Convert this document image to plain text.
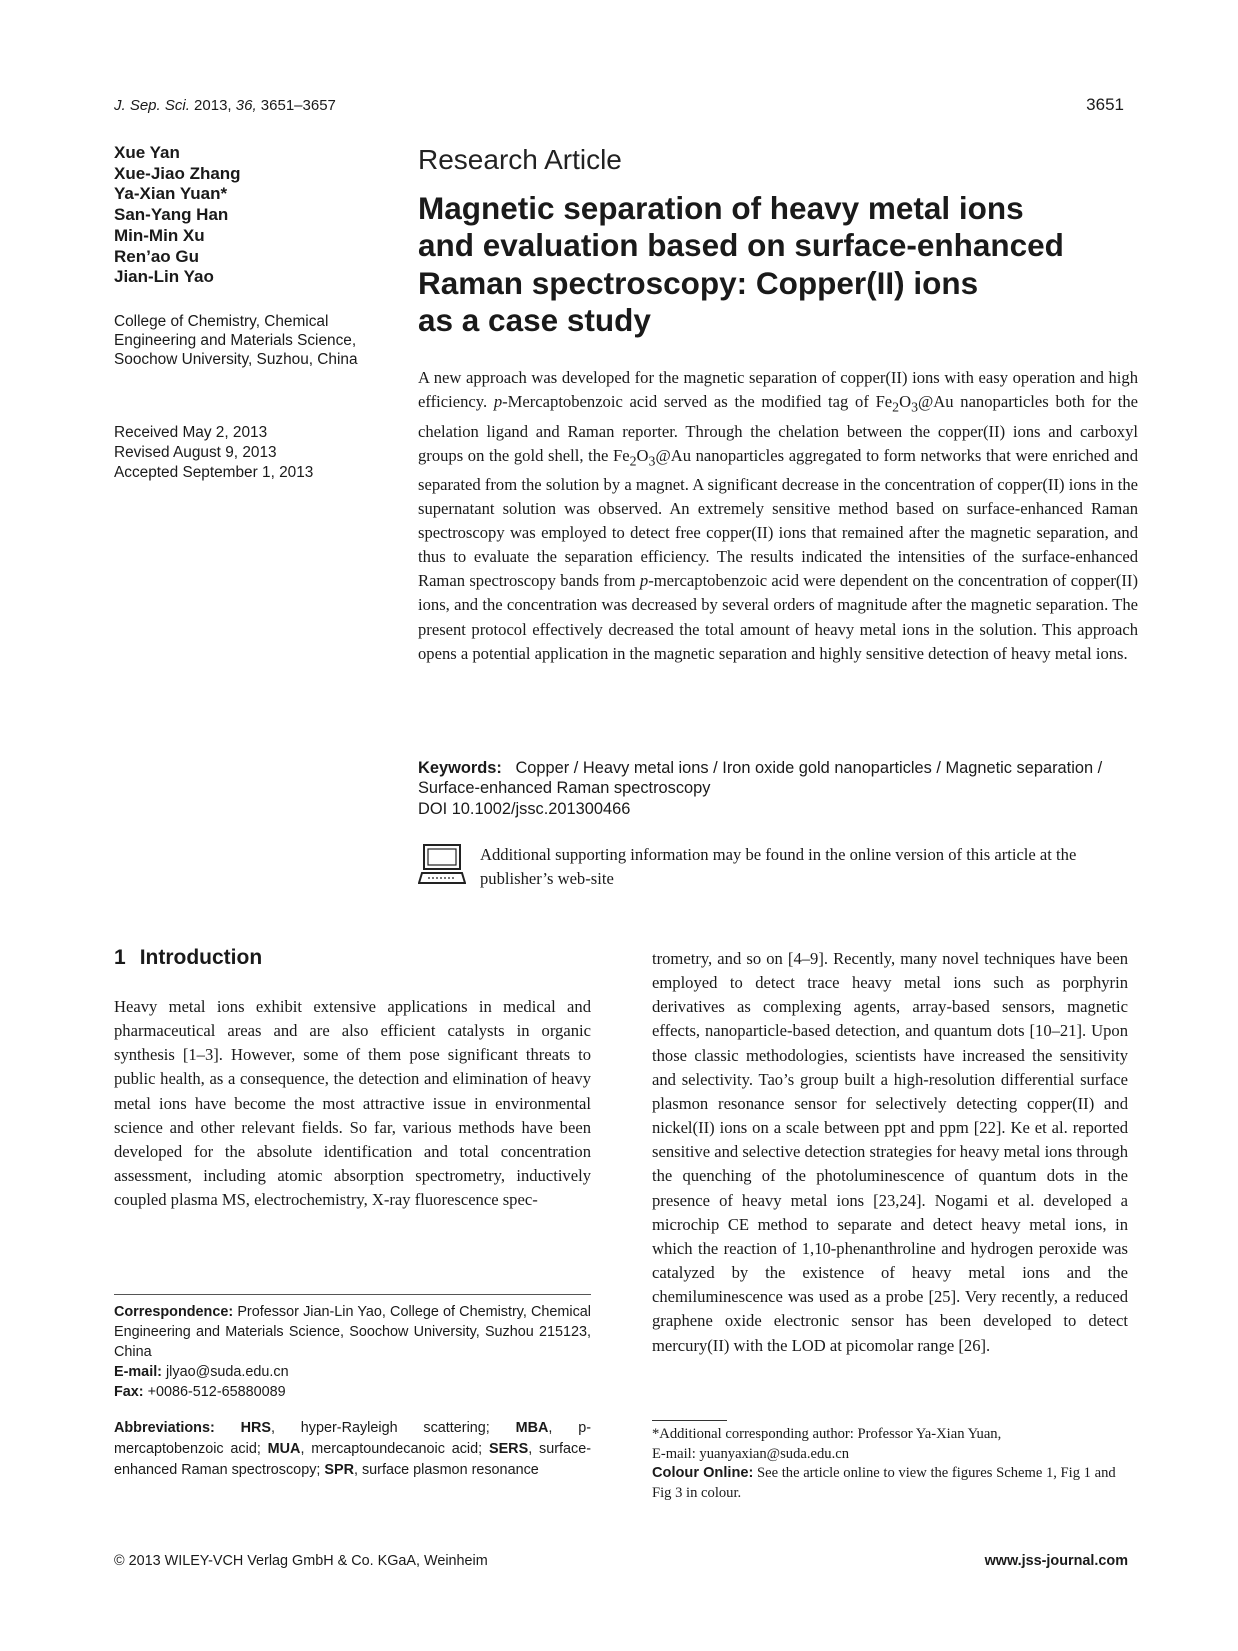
J. Sep. Sci. 2013, 36, 3651–3657	3651
Xue Yan
Xue-Jiao Zhang
Ya-Xian Yuan*
San-Yang Han
Min-Min Xu
Ren’ao Gu
Jian-Lin Yao
College of Chemistry, Chemical Engineering and Materials Science, Soochow University, Suzhou, China
Received May 2, 2013
Revised August 9, 2013
Accepted September 1, 2013
Research Article
Magnetic separation of heavy metal ions
and evaluation based on surface-enhanced
Raman spectroscopy: Copper(II) ions
as a case study
A new approach was developed for the magnetic separation of copper(II) ions with easy operation and high efficiency. p-Mercaptobenzoic acid served as the modified tag of $Fe_2O_3@Au$ nanoparticles both for the chelation ligand and Raman reporter. Through the chelation between the copper(II) ions and carboxyl groups on the gold shell, the $Fe_2O_3@Au$ nanoparticles aggregated to form networks that were enriched and separated from the solution by a magnet. A significant decrease in the concentration of copper(II) ions in the supernatant solution was observed. An extremely sensitive method based on surface-enhanced Raman spectroscopy was employed to detect free copper(II) ions that remained after the magnetic separation, and thus to evaluate the separation efficiency. The results indicated the intensities of the surface-enhanced Raman spectroscopy bands from p-mercaptobenzoic acid were dependent on the concentration of copper(II) ions, and the concentration was decreased by several orders of magnitude after the magnetic separation. The present protocol effectively decreased the total amount of heavy metal ions in the solution. This approach opens a potential application in the magnetic separation and highly sensitive detection of heavy metal ions.
Keywords: Copper / Heavy metal ions / Iron oxide gold nanoparticles / Magnetic separation / Surface-enhanced Raman spectroscopy
DOI 10.1002/jssc.201300466
Additional supporting information may be found in the online version of this article at the publisher’s web-site
1 Introduction
Heavy metal ions exhibit extensive applications in medical and pharmaceutical areas and are also efficient catalysts in organic synthesis [1–3]. However, some of them pose significant threats to public health, as a consequence, the detection and elimination of heavy metal ions have become the most attractive issue in environmental science and other relevant fields. So far, various methods have been developed for the absolute identification and total concentration assessment, including atomic absorption spectrometry, inductively coupled plasma MS, electrochemistry, X-ray fluorescence spec-
trometry, and so on [4–9]. Recently, many novel techniques have been employed to detect trace heavy metal ions such as porphyrin derivatives as complexing agents, array-based sensors, magnetic effects, nanoparticle-based detection, and quantum dots [10–21]. Upon those classic methodologies, scientists have increased the sensitivity and selectivity. Tao’s group built a high-resolution differential surface plasmon resonance sensor for selectively detecting copper(II) and nickel(II) ions on a scale between ppt and ppm [22]. Ke et al. reported sensitive and selective detection strategies for heavy metal ions through the quenching of the photoluminescence of quantum dots in the presence of heavy metal ions [23,24]. Nogami et al. developed a microchip CE method to separate and detect heavy metal ions, in which the reaction of 1,10-phenanthroline and hydrogen peroxide was catalyzed by the existence of heavy metal ions and the chemiluminescence was used as a probe [25]. Very recently, a reduced graphene oxide electronic sensor has been developed to detect mercury(II) with the LOD at picomolar range [26].
Correspondence: Professor Jian-Lin Yao, College of Chemistry, Chemical Engineering and Materials Science, Soochow University, Suzhou 215123, China
E-mail: jlyao@suda.edu.cn
Fax: +0086-512-65880089
Abbreviations: HRS, hyper-Rayleigh scattering; MBA, p-mercaptobenzoic acid; MUA, mercaptoundecanoic acid; SERS, surface-enhanced Raman spectroscopy; SPR, surface plasmon resonance
*Additional corresponding author: Professor Ya-Xian Yuan,
E-mail: yuanyaxian@suda.edu.cn
Colour Online: See the article online to view the figures Scheme 1, Fig 1 and Fig 3 in colour.
© 2013 WILEY-VCH Verlag GmbH & Co. KGaA, Weinheim	www.jss-journal.com
